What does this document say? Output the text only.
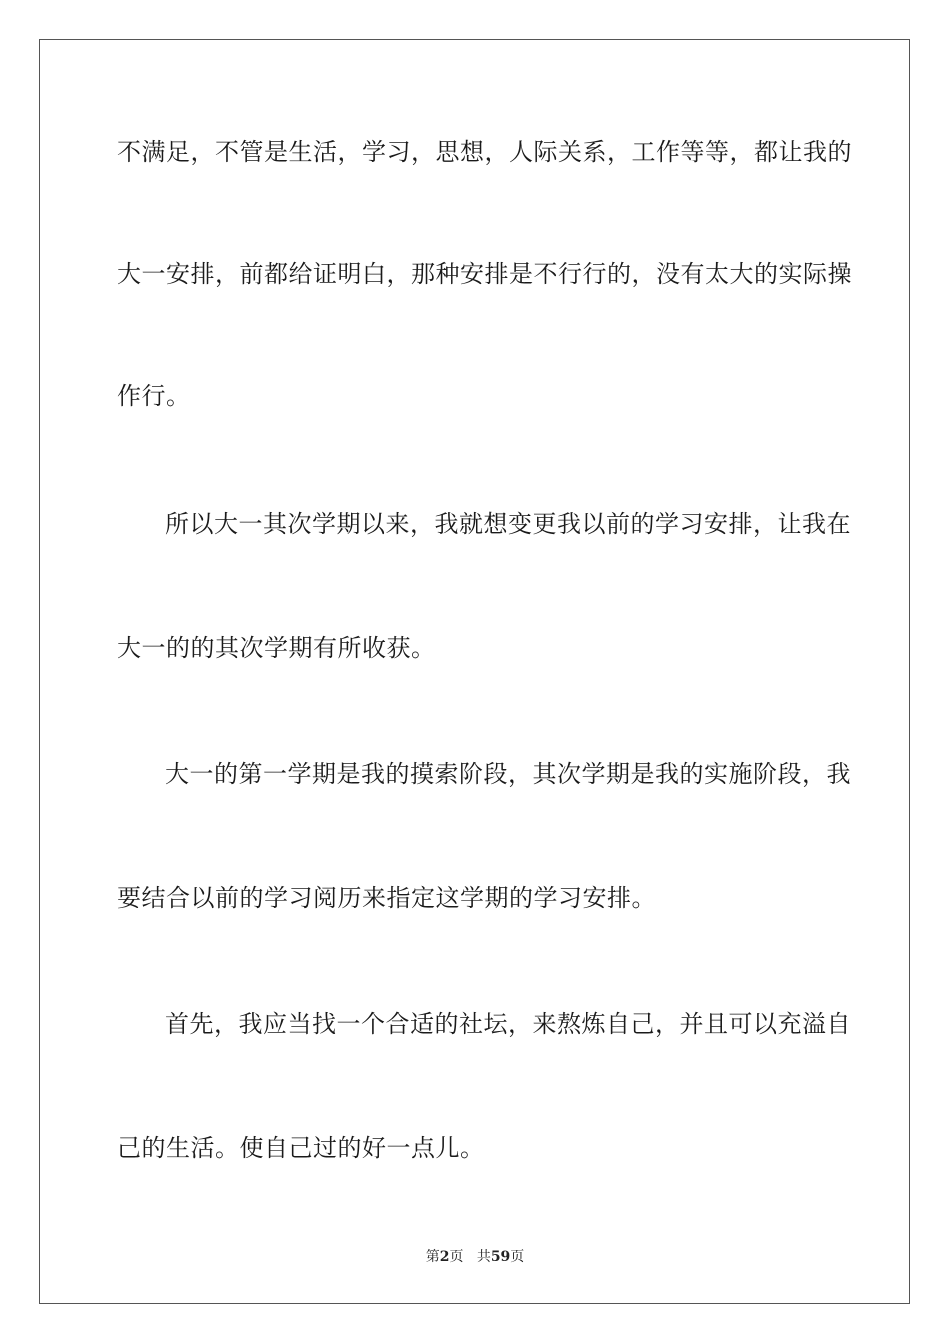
不满足，不管是生活，学习，思想，人际关系，工作等等，都让我的
大一安排，前都给证明白，那种安排是不行行的，没有太大的实际操
作行。
所以大一其次学期以来，我就想变更我以前的学习安排，让我在
大一的的其次学期有所收获。
大一的第一学期是我的摸索阶段，其次学期是我的实施阶段，我
要结合以前的学习阅历来指定这学期的学习安排。
首先，我应当找一个合适的社坛，来熬炼自己，并且可以充溢自
己的生活。使自己过的好一点儿。
第2页 共59页
